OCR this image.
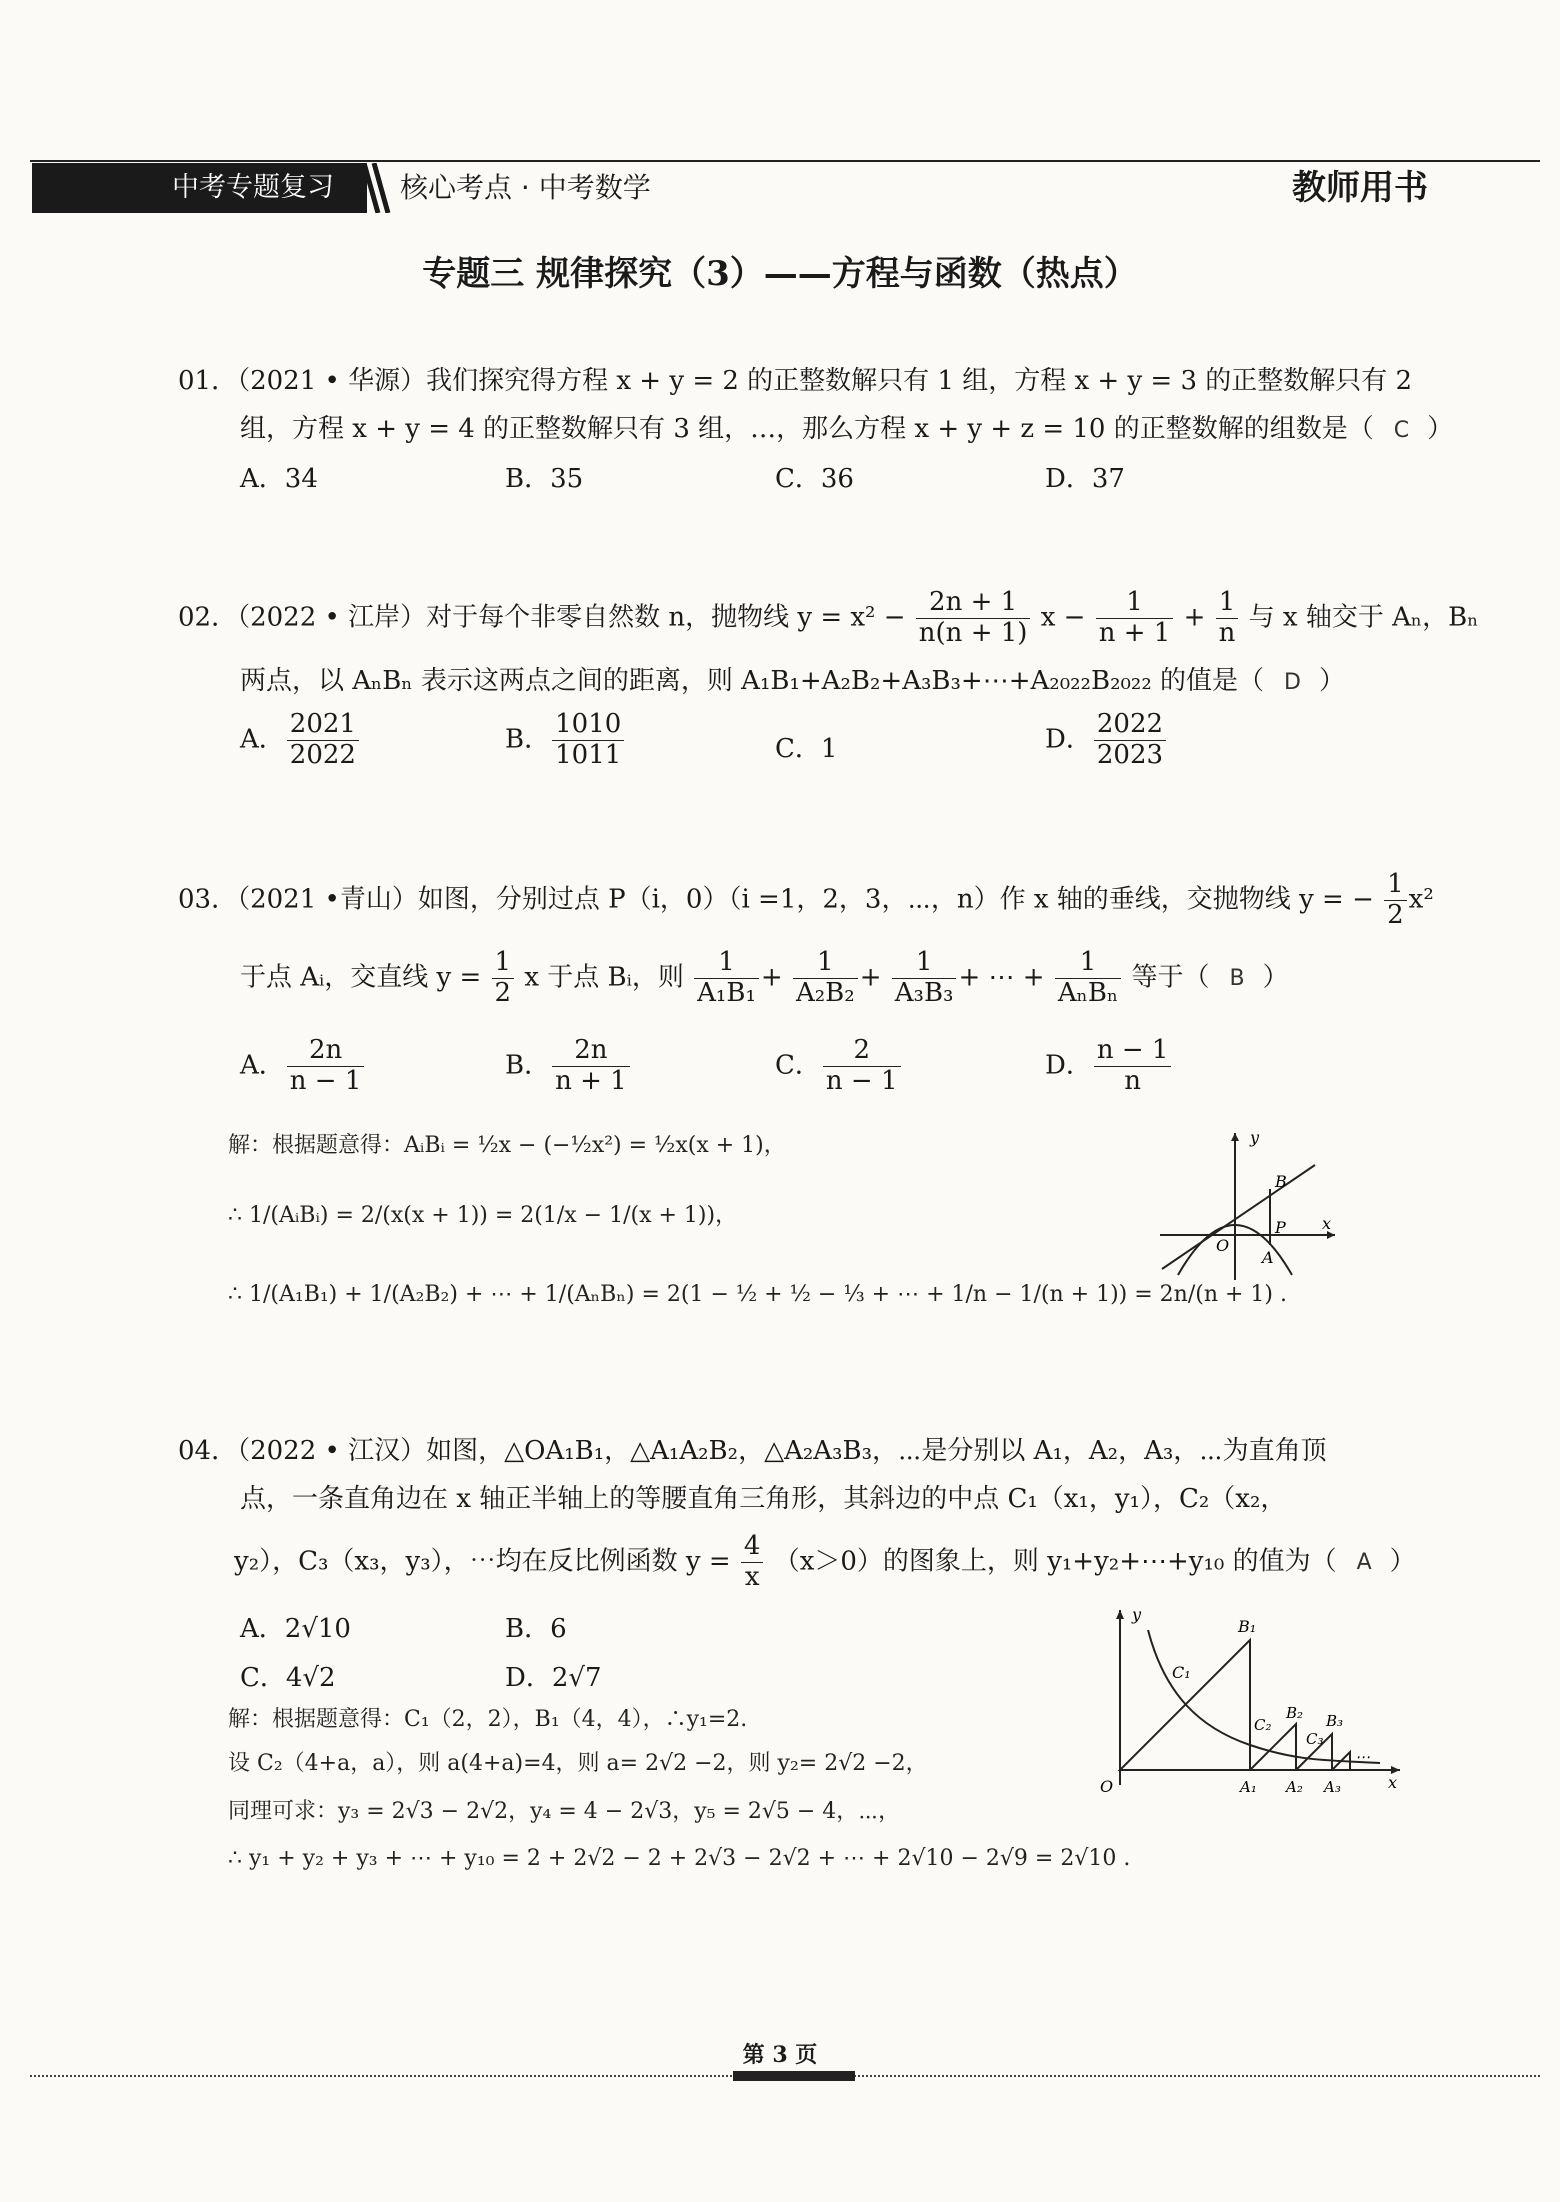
中考专题复习	核心考点 · 中考数学	教师用书
专题三 规律探究（3）——方程与函数（热点）
01．（2021 • 华源）我们探究得方程 x + y = 2 的正整数解只有 1 组，方程 x + y = 3 的正整数解只有 2
组，方程 x + y = 4 的正整数解只有 3 组，…，那么方程 x + y + z = 10 的正整数解的组数是（ C ）
A．34	B．35	C．36	D．37
02．（2022 • 江岸）对于每个非零自然数 n，抛物线 $y = x^2 - \frac{2n + 1}{n(n + 1)}$ $x - \frac{1}{n + 1} + \frac{1}{n}$ 与 x 轴交于 Aₙ，Bₙ
两点，以 AₙBₙ 表示这两点之间的距离，则 A₁B₁+A₂B₂+A₃B₃+⋯+A₂₀₂₂B₂₀₂₂ 的值是（ D ）
A． $\frac{2021}{2022}$	B． $\frac{1010}{1011}$	C．1	D． $\frac{2022}{2023}$
03．（2021 •青山）如图，分别过点 P（i，0）（i =1，2，3，⋯，n）作 x 轴的垂线，交抛物线 y = − $\frac{1}{2} x^2$
于点 Aᵢ，交直线 $y = \frac{1}{2}$ x 于点 Bᵢ，则 $\frac{1}{\text{A₁B₁}} + \frac{1}{\text{A₂B₂}} + \frac{1}{\text{A₃B₃}}$ + ⋯ + $\frac{1}{\text{AₙBₙ}}$ 等于（ B ）
A． $\frac{2n}{n - 1}$	B． $\frac{2n}{n + 1}$	C． $\frac{2}{n - 1}$	D． $\frac{n - 1}{n}$
解：根据题意得：AᵢBᵢ = ½x − (−½x²) = ½x(x + 1)，
∴ 1/(AᵢBᵢ) = 2/(x(x + 1)) = 2(1/x − 1/(x + 1))，
∴ 1/(A₁B₁) + 1/(A₂B₂) + ⋯ + 1/(AₙBₙ) = 2(1 − ½ + ½ − ⅓ + ⋯ + 1/n − 1/(n + 1)) = 2n/(n + 1) .
y
B
P x
O
A
04．（2022 • 江汉）如图，△OA₁B₁，△A₁A₂B₂，△A₂A₃B₃，⋯是分别以 A₁，A₂，A₃，⋯为直角顶
点，一条直角边在 x 轴正半轴上的等腰直角三角形，其斜边的中点 C₁（x₁，y₁），C₂（x₂，
y₂），C₃（x₃，y₃），⋯均在反比例函数 $y = \frac{4}{x} (x>0)$的图象上，则 y₁+y₂+⋯+y₁₀ 的值为（ A ）
A．2√10	B．6
C．4√2	D．2√7
解：根据题意得：C₁（2，2），B₁（4，4），∴y₁=2.
设 C₂（4+a，a），则 a(4+a)=4，则 a= 2√2 −2，则 y₂= 2√2 −2，
同理可求：y₃ = 2√3 − 2√2，y₄ = 4 − 2√3，y₅ = 2√5 − 4，⋯，
∴ y₁ + y₂ + y₃ + ⋯ + y₁₀ = 2 + 2√2 − 2 + 2√3 − 2√2 + ⋯ + 2√10 − 2√9 = 2√10 .
y
B₁
C₁
B₂
C₂	B₃
C₃
O	A₁ A₂ A₃	x
⋯
第 3 页
